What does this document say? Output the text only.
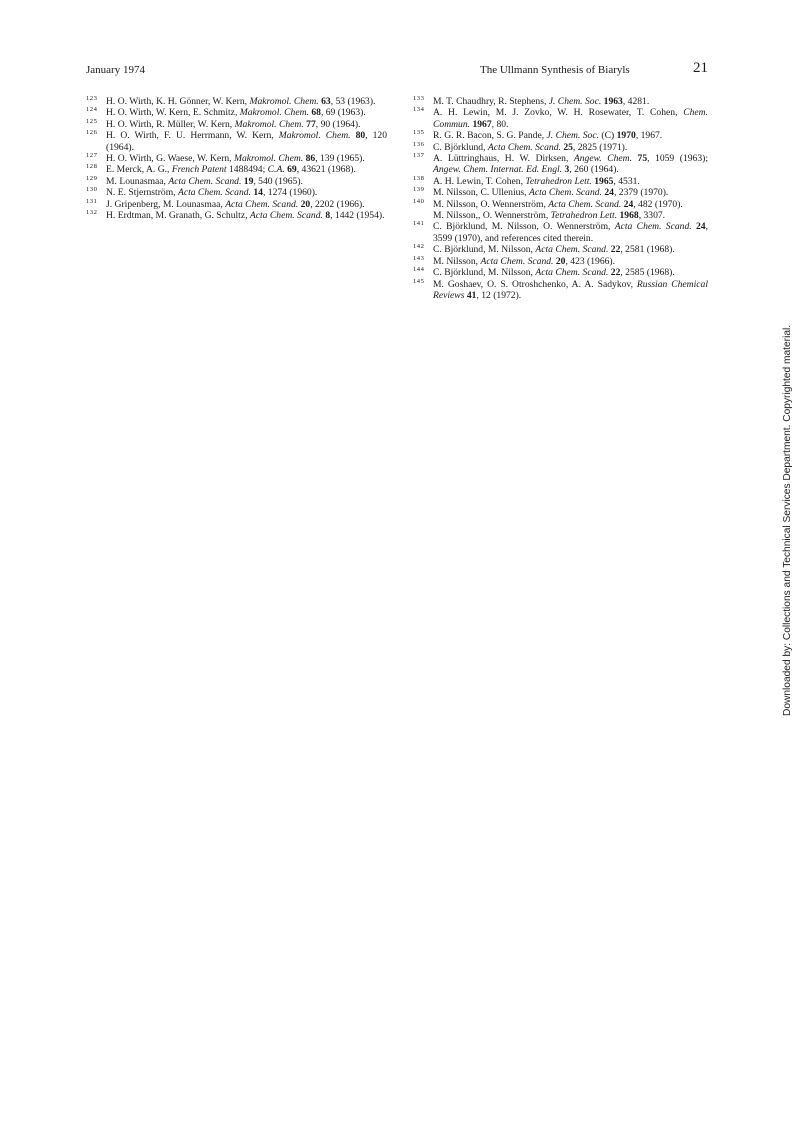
January 1974	The Ullmann Synthesis of Biaryls	21

123 H. O. Wirth, K. H. Gönner, W. Kern, Makromol. Chem. 63, 53 (1963).

124 H. O. Wirth, W. Kern, E. Schmitz, Makromol. Chem. 68, 69 (1963).

125 H. O. Wirth, R. Müller, W. Kern, Makromol. Chem. 77, 90 (1964).

126 H. O. Wirth, F. U. Herrmann, W. Kern, Makromol. Chem. 80, 120 (1964).

127 H. O. Wirth, G. Waese, W. Kern, Makromol. Chem. 86, 139 (1965).

128 E. Merck, A. G., French Patent 1488494; C.A. 69, 43621 (1968).

129 M. Lounasmaa, Acta Chem. Scand. 19, 540 (1965).

130 N. E. Stjernström, Acta Chem. Scand. 14, 1274 (1960).

131 J. Gripenberg, M. Lounasmaa, Acta Chem. Scand. 20, 2202 (1966).

132 H. Erdtman, M. Granath, G. Schultz, Acta Chem. Scand. 8, 1442 (1954).

133 M. T. Chaudhry, R. Stephens, J. Chem. Soc. 1963, 4281.

134 A. H. Lewin, M. J. Zovko, W. H. Rosewater, T. Cohen, Chem. Commun. 1967, 80.

135 R. G. R. Bacon, S. G. Pande, J. Chem. Soc. (C) 1970, 1967.

136 C. Björklund, Acta Chem. Scand. 25, 2825 (1971).

137 A. Lüttringhaus, H. W. Dirksen, Angew. Chem. 75, 1059 (1963); Angew. Chem. Internat. Ed. Engl. 3, 260 (1964).

138 A. H. Lewin, T. Cohen, Tetrahedron Lett. 1965, 4531.

139 M. Nilsson, C. Ullenius, Acta Chem. Scand. 24, 2379 (1970).

140 M. Nilsson, O. Wennerström, Acta Chem. Scand. 24, 482 (1970).

M. Nilsson,, O. Wennerström, Tetrahedron Lett. 1968, 3307.

141 C. Björklund, M. Nilsson, O. Wennerström, Acta Chem. Scand. 24, 3599 (1970), and references cited therein.

142 C. Björklund, M. Nilsson, Acta Chem. Scand. 22, 2581 (1968).

143 M. Nilsson, Acta Chem. Scand. 20, 423 (1966).

144 C. Björklund, M. Nilsson, Acta Chem. Scand. 22, 2585 (1968).

145 M. Goshaev, O. S. Otroshchenko, A. A. Sadykov, Russian Chemical Reviews 41, 12 (1972).

Downloaded by: Collections and Technical Services Department. Copyrighted material.
